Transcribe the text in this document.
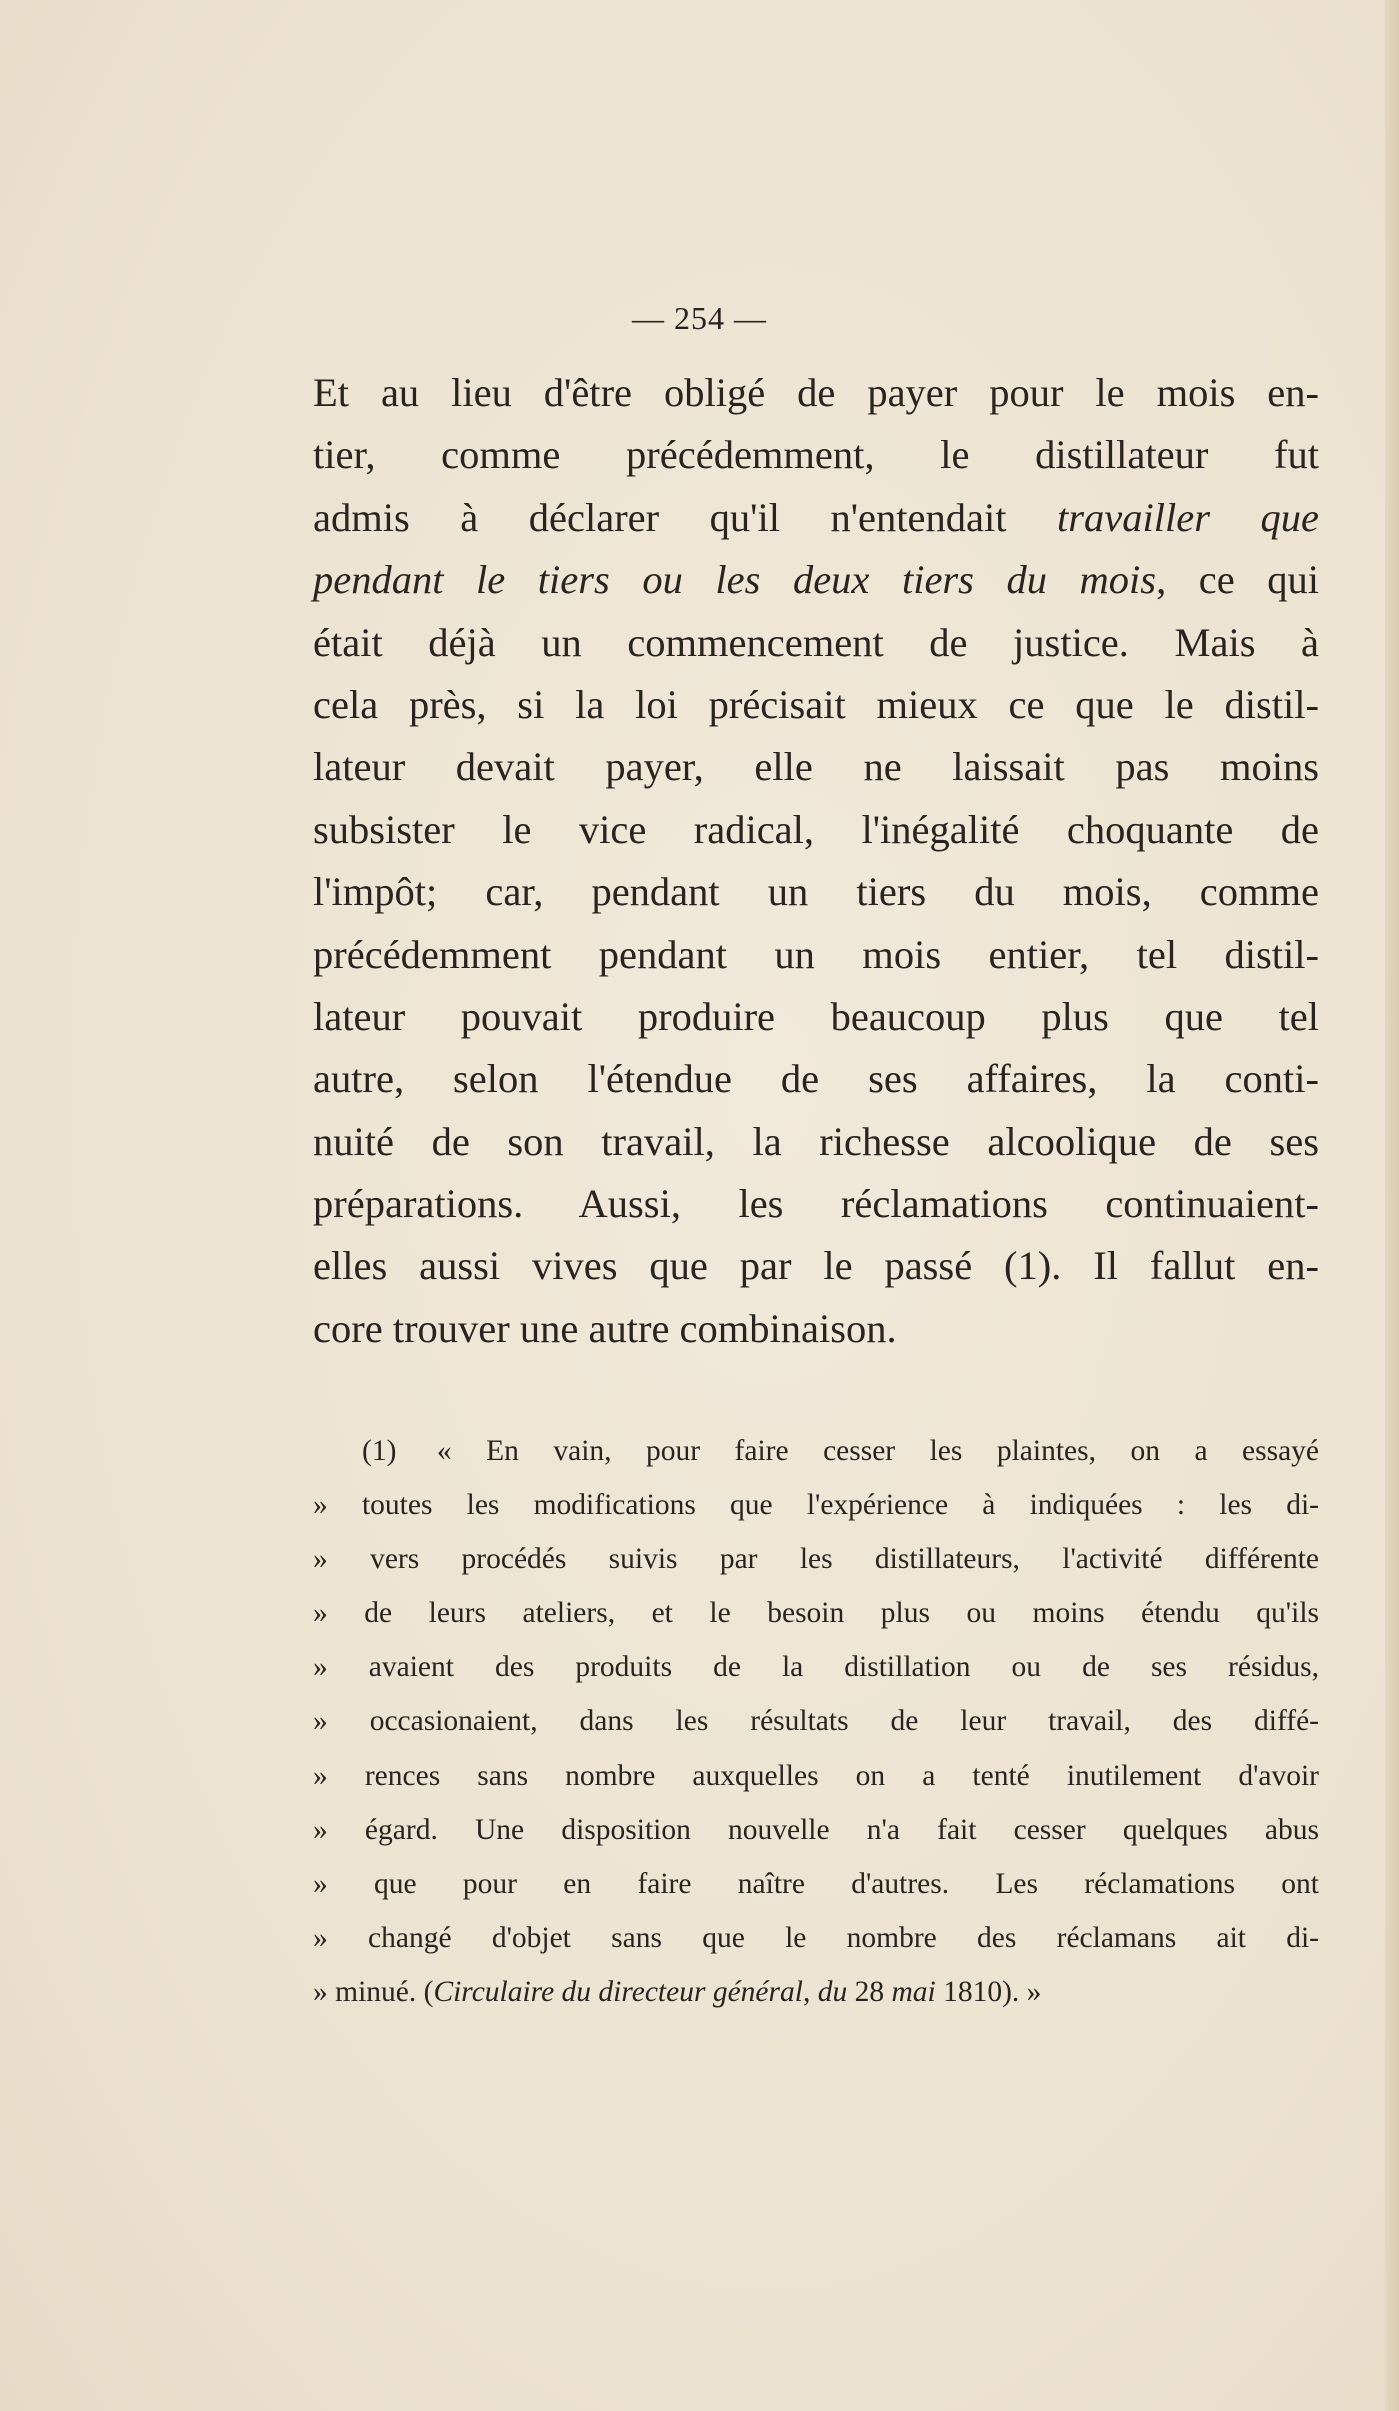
— 254 —
Et au lieu d'être obligé de payer pour le mois en-
tier, comme précédemment, le distillateur fut
admis à déclarer qu'il n'entendait travailler que
pendant le tiers ou les deux tiers du mois, ce qui
était déjà un commencement de justice. Mais à
cela près, si la loi précisait mieux ce que le distil-
lateur devait payer, elle ne laissait pas moins
subsister le vice radical, l'inégalité choquante de
l'impôt; car, pendant un tiers du mois, comme
précédemment pendant un mois entier, tel distil-
lateur pouvait produire beaucoup plus que tel
autre, selon l'étendue de ses affaires, la conti-
nuité de son travail, la richesse alcoolique de ses
préparations. Aussi, les réclamations continuaient-
elles aussi vives que par le passé (1). Il fallut en-
core trouver une autre combinaison.
(1) « En vain, pour faire cesser les plaintes, on a essayé
» toutes les modifications que l'expérience à indiquées : les di-
» vers procédés suivis par les distillateurs, l'activité différente
» de leurs ateliers, et le besoin plus ou moins étendu qu'ils
» avaient des produits de la distillation ou de ses résidus,
» occasionaient, dans les résultats de leur travail, des diffé-
» rences sans nombre auxquelles on a tenté inutilement d'avoir
» égard. Une disposition nouvelle n'a fait cesser quelques abus
» que pour en faire naître d'autres. Les réclamations ont
» changé d'objet sans que le nombre des réclamans ait di-
» minué. (Circulaire du directeur général, du 28 mai 1810). »
